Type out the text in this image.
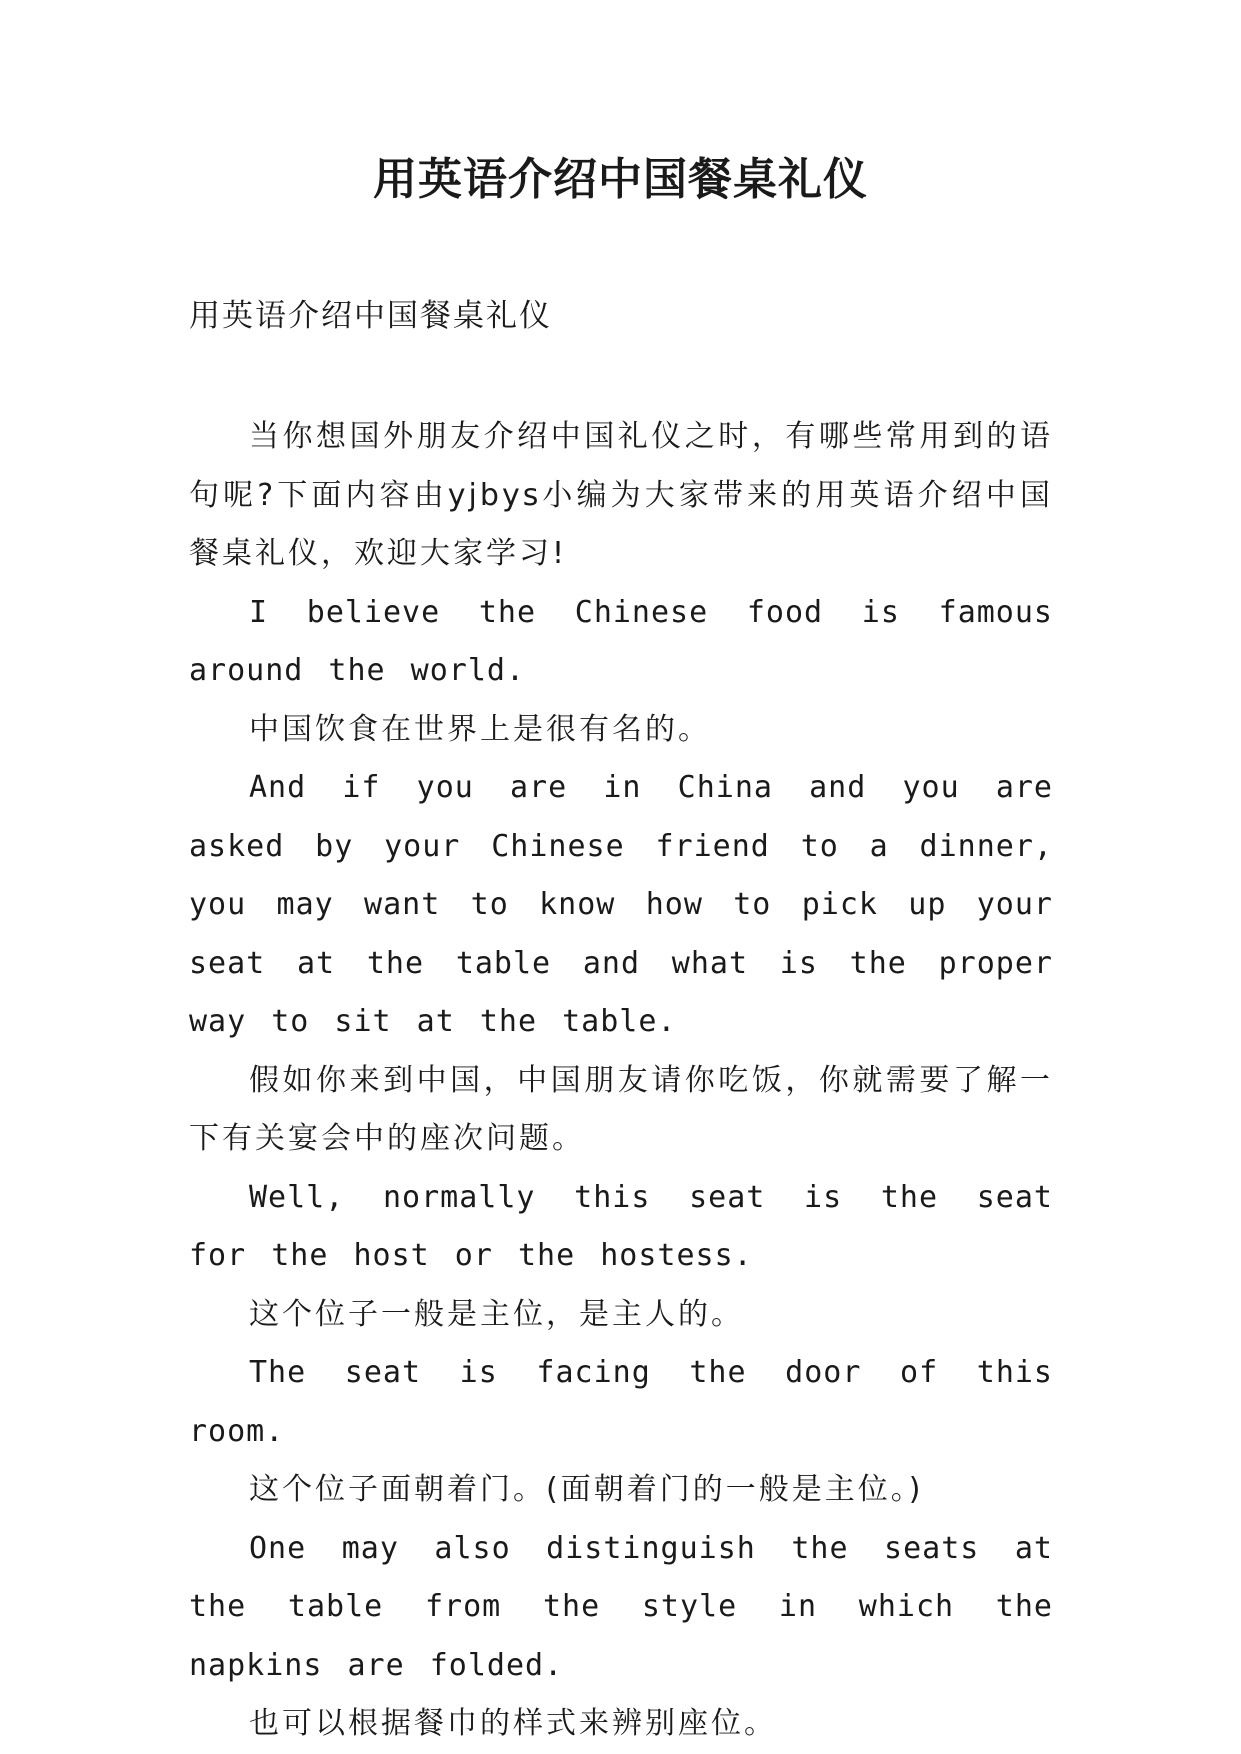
用英语介绍中国餐桌礼仪
用英语介绍中国餐桌礼仪

当你想国外朋友介绍中国礼仪之时，有哪些常用到的语句呢?下面内容由yjbys小编为大家带来的用英语介绍中国餐桌礼仪，欢迎大家学习!

I believe the Chinese food is famous around the world.

中国饮食在世界上是很有名的。

And if you are in China and you are asked by your Chinese friend to a dinner, you may want to know how to pick up your seat at the table and what is the proper way to sit at the table.

假如你来到中国，中国朋友请你吃饭，你就需要了解一下有关宴会中的座次问题。

Well, normally this seat is the seat for the host or the hostess.

这个位子一般是主位，是主人的。

The seat is facing the door of this room.

这个位子面朝着门。(面朝着门的一般是主位。)

One may also distinguish the seats at the table from the style in which the napkins are folded.

也可以根据餐巾的样式来辨别座位。
